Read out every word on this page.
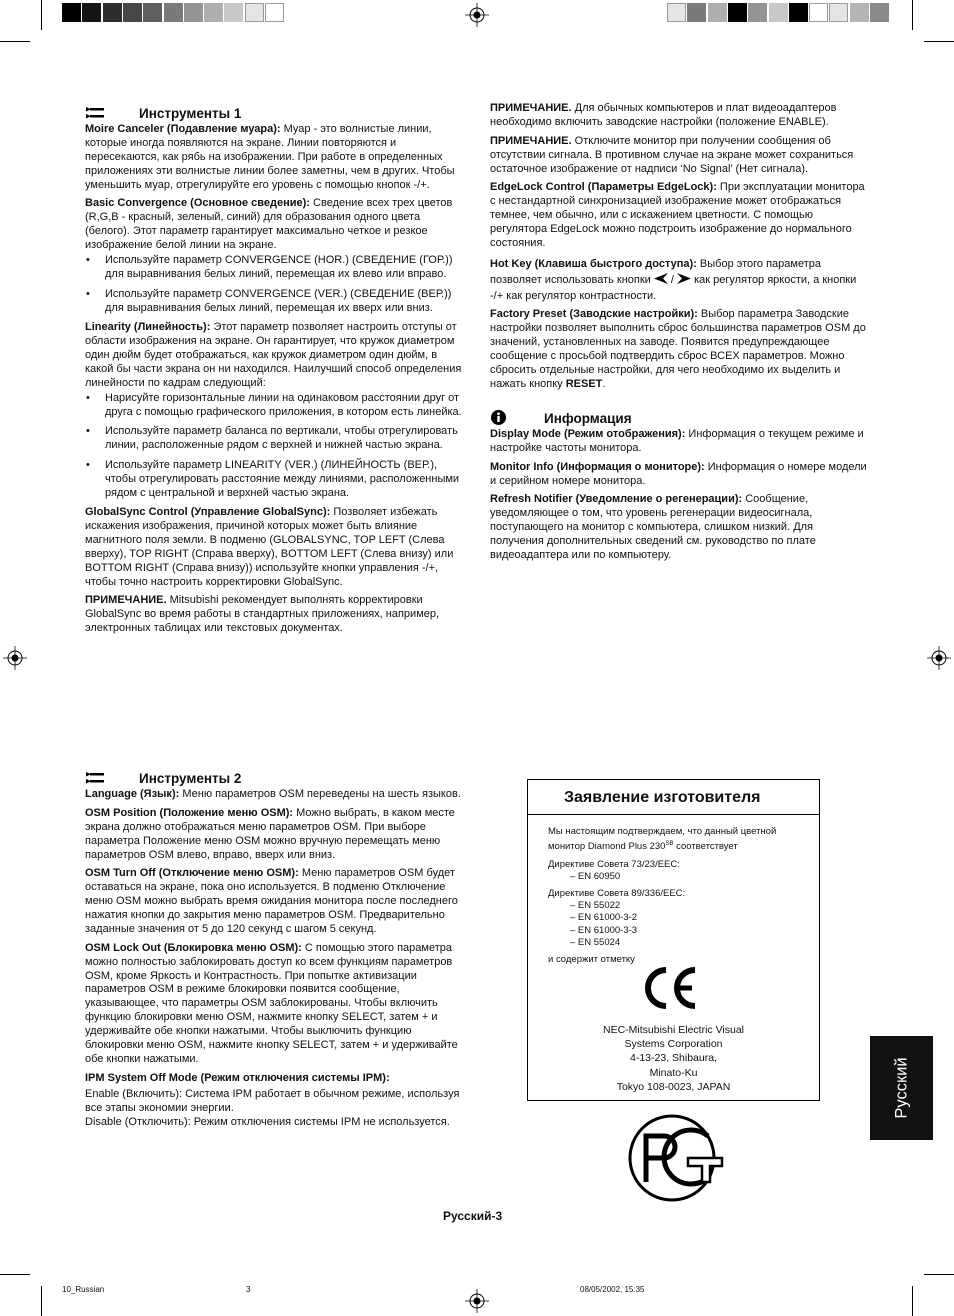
Инструменты 1

Moire Canceler (Подавление муара): Муар - это волнистые линии, которые иногда появляются на экране. Линии повторяются и пересекаются, как рябь на изображении. При работе в определенных приложениях эти волнистые линии более заметны, чем в других. Чтобы уменьшить муар, отрегулируйте его уровень с помощью кнопок -/+.

Basic Convergence (Основное сведение): Сведение всех трех цветов (R,G,B - красный, зеленый, синий) для образования одного цвета (белого). Этот параметр гарантирует максимально четкое и резкое изображение белой линии на экране.

• Используйте параметр CONVERGENCE (HOR.) (СВЕДЕНИЕ (ГОР.)) для выравнивания белых линий, перемещая их влево или вправо.
• Используйте параметр CONVERGENCE (VER.) (СВЕДЕНИЕ (ВЕР.)) для выравнивания белых линий, перемещая их вверх или вниз.

Linearity (Линейность): Этот параметр позволяет настроить отступы от области изображения на экране. Он гарантирует, что кружок диаметром один дюйм будет отображаться, как кружок диаметром один дюйм, в какой бы части экрана он ни находился. Наилучший способ определения линейности по кадрам следующий:

• Нарисуйте горизонтальные линии на одинаковом расстоянии друг от друга с помощью графического приложения, в котором есть линейка.
• Используйте параметр баланса по вертикали, чтобы отрегулировать линии, расположенные рядом с верхней и нижней частью экрана.
• Используйте параметр LINEARITY (VER.) (ЛИНЕЙНОСТЬ (ВЕР.), чтобы отрегулировать расстояние между линиями, расположенными рядом с центральной и верхней частью экрана.

GlobalSync Control (Управление GlobalSync): Позволяет избежать искажения изображения, причиной которых может быть влияние магнитного поля земли. В подменю (GLOBALSYNC, TOP LEFT (Слева вверху), TOP RIGHT (Справа вверху), BOTTOM LEFT (Слева внизу) или BOTTOM RIGHT (Справа внизу)) используйте кнопки управления -/+, чтобы точно настроить корректировки GlobalSync.

ПРИМЕЧАНИЕ. Mitsubishi рекомендует выполнять корректировки GlobalSync во время работы в стандартных приложениях, например, электронных таблицах или текстовых документах.

Инструменты 2

Language (Язык): Меню параметров OSM переведены на шесть языков.

OSM Position (Положение меню OSM): Можно выбрать, в каком месте экрана должно отображаться меню параметров OSM. При выборе параметра Положение меню OSM можно вручную перемещать меню параметров OSM влево, вправо, вверх или вниз.

OSM Turn Off (Отключение меню OSM): Меню параметров OSM будет оставаться на экране, пока оно используется. В подменю Отключение меню OSM можно выбрать время ожидания монитора после последнего нажатия кнопки до закрытия меню параметров OSM. Предварительно заданные значения от 5 до 120 секунд с шагом 5 секунд.

OSM Lock Out (Блокировка меню OSM): С помощью этого параметра можно полностью заблокировать доступ ко всем функциям параметров OSM, кроме Яркость и Контрастность. При попытке активизации параметров OSM в режиме блокировки появится сообщение, указывающее, что параметры OSM заблокированы. Чтобы включить функцию блокировки меню OSM, нажмите кнопку SELECT, затем + и удерживайте обе кнопки нажатыми. Чтобы выключить функцию блокировки меню OSM, нажмите кнопку SELECT, затем + и удерживайте обе кнопки нажатыми.

IPM System Off Mode (Режим отключения системы IPM):

Enable (Включить): Система IPM работает в обычном режиме, используя все этапы экономии энергии.

Disable (Отключить): Режим отключения системы IPM не используется.

ПРИМЕЧАНИЕ. Для обычных компьютеров и плат видеоадаптеров необходимо включить заводские настройки (положение ENABLE).

ПРИМЕЧАНИЕ. Отключите монитор при получении сообщения об отсутствии сигнала. В противном случае на экране может сохраниться остаточное изображение от надписи ‘No Signal’ (Нет сигнала).

EdgeLock Control (Параметры EdgeLock): При эксплуатации монитора с нестандартной синхронизацией изображение может отображаться темнее, чем обычно, или с искажением цветности. С помощью регулятора EdgeLock можно подстроить изображение до нормального состояния.

Hot Key (Клавиша быстрого доступа): Выбор этого параметра позволяет использовать кнопки  /  как регулятор яркости, а кнопки -/+ как регулятор контрастности.

Factory Preset (Заводские настройки): Выбор параметра Заводские настройки позволяет выполнить сброс большинства параметров OSM до значений, установленных на заводе. Появится предупреждающее сообщение с просьбой подтвердить сброс ВСЕХ параметров. Можно сбросить отдельные настройки, для чего необходимо их выделить и нажать кнопку RESET.

Информация

Display Mode (Режим отображения): Информация о текущем режиме и настройке частоты монитора.

Monitor Info (Информация о мониторе): Информация о номере модели и серийном номере монитора.

Refresh Notifier (Уведомление о регенерации): Сообщение, уведомляющее о том, что уровень регенерации видеосигнала, поступающего на монитор с компьютера, слишком низкий. Для получения дополнительных сведений см. руководство по плате видеоадаптера или по компьютеру.

Заявление изготовителя

Мы настоящим подтверждаем, что данный цветной монитор Diamond Plus $230^{SB}$ соответствует

Директиве Совета 73/23/EEC:
– EN 60950

Директиве Совета 89/336/EEC:
– EN 55022
– EN 61000-3-2
– EN 61000-3-3
– EN 55024

и содержит отметку

NEC-Mitsubishi Electric Visual
Systems Corporation
4-13-23, Shibaura,
Minato-Ku
Tokyo 108-0023, JAPAN	Русский
Русский-3
10_Russian	3	08/05/2002, 15:35
